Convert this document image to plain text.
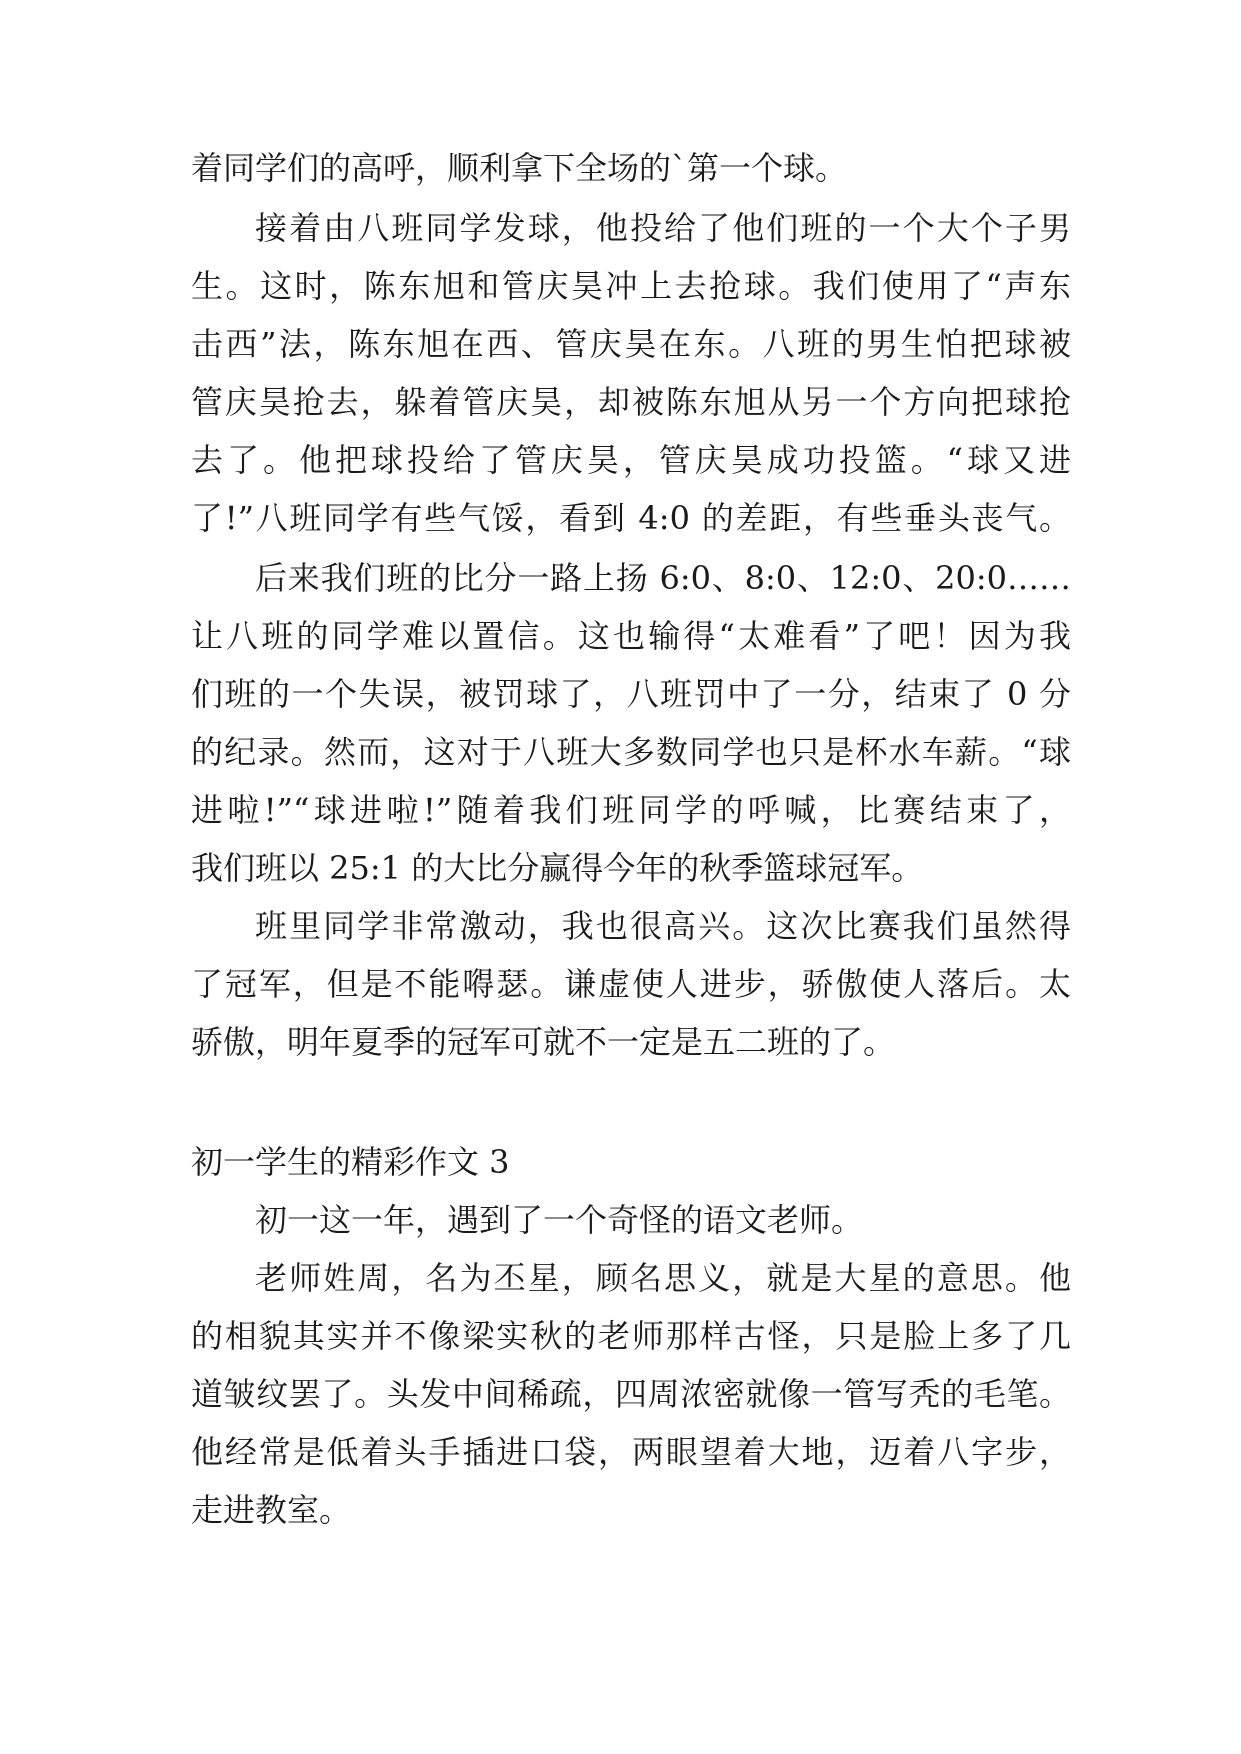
着同学们的高呼，顺利拿下全场的`第一个球。
接着由八班同学发球，他投给了他们班的一个大个子男
生。这时，陈东旭和管庆昊冲上去抢球。我们使用了“声东
击西”法，陈东旭在西、管庆昊在东。八班的男生怕把球被
管庆昊抢去，躲着管庆昊，却被陈东旭从另一个方向把球抢
去了。他把球投给了管庆昊，管庆昊成功投篮。“球又进
了!”八班同学有些气馁，看到 4:0 的差距，有些垂头丧气。
后来我们班的比分一路上扬 6:0、8:0、12:0、20:0……
让八班的同学难以置信。这也输得“太难看”了吧！因为我
们班的一个失误，被罚球了，八班罚中了一分，结束了 0 分
的纪录。然而，这对于八班大多数同学也只是杯水车薪。“球
进啦!”“球进啦!”随着我们班同学的呼喊，比赛结束了，
我们班以 25:1 的大比分赢得今年的秋季篮球冠军。
班里同学非常激动，我也很高兴。这次比赛我们虽然得
了冠军，但是不能嘚瑟。谦虚使人进步，骄傲使人落后。太
骄傲，明年夏季的冠军可就不一定是五二班的了。
初一学生的精彩作文 3
初一这一年，遇到了一个奇怪的语文老师。
老师姓周，名为丕星，顾名思义，就是大星的意思。他
的相貌其实并不像梁实秋的老师那样古怪，只是脸上多了几
道皱纹罢了。头发中间稀疏，四周浓密就像一管写秃的毛笔。
他经常是低着头手插进口袋，两眼望着大地，迈着八字步，
走进教室。
